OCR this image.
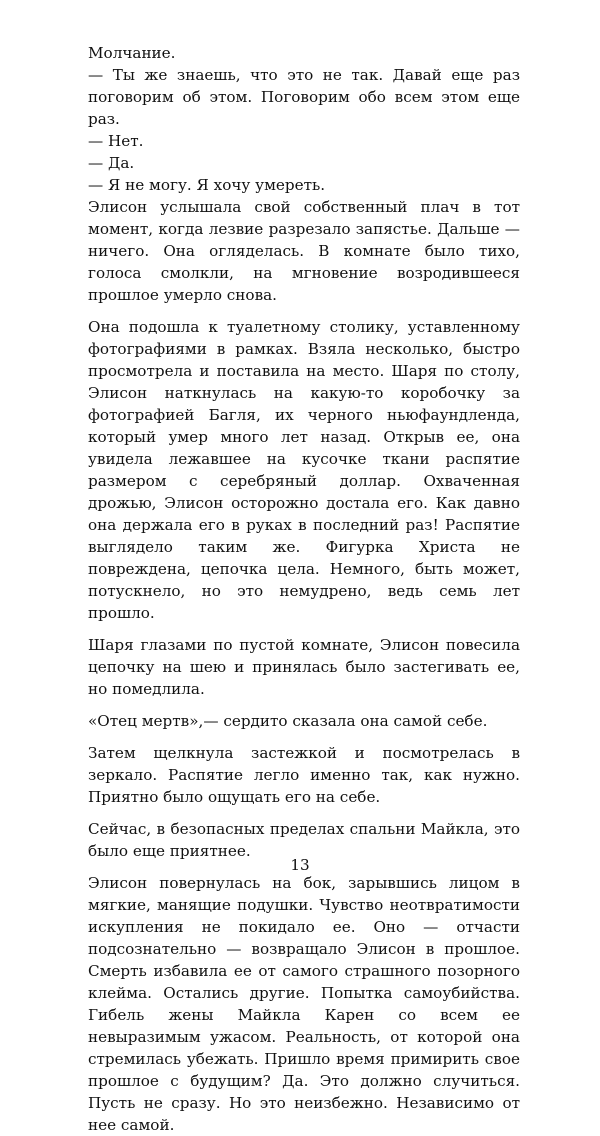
Молчание.

— Ты же знаешь, что это не так. Давай еще раз поговорим об этом. Поговорим обо всем этом еще раз.

— Нет.

— Да.

— Я не могу. Я хочу умереть.

Элисон услышала свой собственный плач в тот момент, когда лезвие разрезало запястье. Дальше — ничего. Она огляделась. В комнате было тихо, голоса смолкли, на мгновение возродившееся прошлое умерло снова.

Она подошла к туалетному столику, уставленному фотографиями в рамках. Взяла несколько, быстро просмотрела и поставила на место. Шаря по столу, Элисон наткнулась на какую-то коробочку за фотографией Багля, их черного ньюфаундленда, который умер много лет назад. Открыв ее, она увидела лежавшее на кусочке ткани распятие размером с серебряный доллар. Охваченная дрожью, Элисон осторожно достала его. Как давно она держала его в руках в последний раз! Распятие выглядело таким же. Фигурка Христа не повреждена, цепочка цела. Немного, быть может, потускнело, но это немудрено, ведь семь лет прошло.

Шаря глазами по пустой комнате, Элисон повесила цепочку на шею и принялась было застегивать ее, но помедлила.

«Отец мертв»,— сердито сказала она самой себе.

Затем щелкнула застежкой и посмотрелась в зеркало. Распятие легло именно так, как нужно. Приятно было ощущать его на себе.

Сейчас, в безопасных пределах спальни Майкла, это было еще приятнее.

Элисон повернулась на бок, зарывшись лицом в мягкие, манящие подушки. Чувство неотвратимости искупления не покидало ее. Оно — отчасти подсознательно — возвращало Элисон в прошлое. Смерть избавила ее от самого страшного позорного клейма. Остались другие. Попытка самоубийства. Гибель жены Майкла Карен со всем ее невыразимым ужасом. Реальность, от которой она стремилась убежать. Пришло время примирить свое прошлое с будущим? Да. Это должно случиться. Пусть не сразу. Но это неизбежно. Независимо от нее самой.

13
